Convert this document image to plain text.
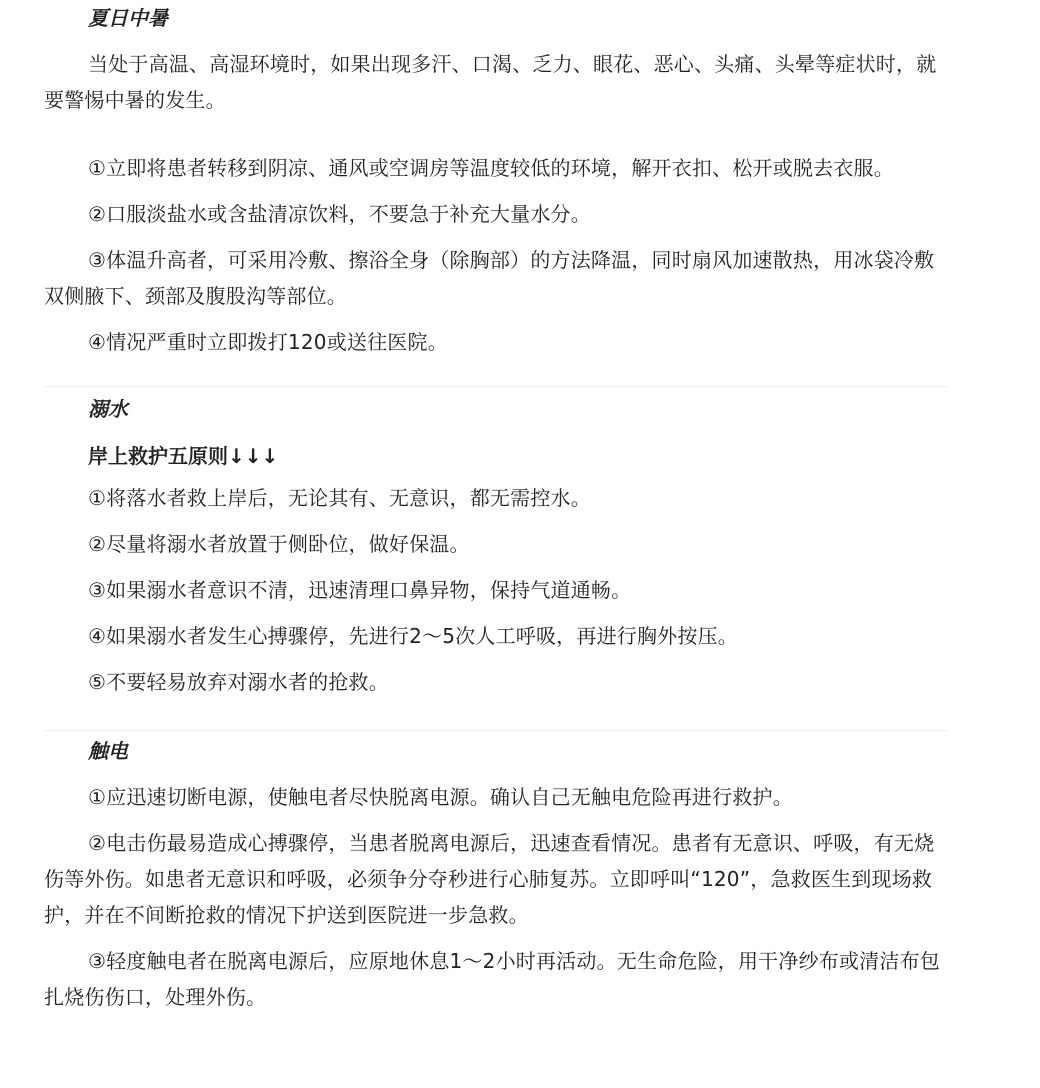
夏日中暑

当处于高温、高湿环境时，如果出现多汗、口渴、乏力、眼花、恶心、头痛、头晕等症状时，就要警惕中暑的发生。

①立即将患者转移到阴凉、通风或空调房等温度较低的环境，解开衣扣、松开或脱去衣服。

②口服淡盐水或含盐清凉饮料，不要急于补充大量水分。

③体温升高者，可采用冷敷、擦浴全身（除胸部）的方法降温，同时扇风加速散热，用冰袋冷敷双侧腋下、颈部及腹股沟等部位。

④情况严重时立即拨打120或送往医院。

溺水
岸上救护五原则↓↓↓

①将落水者救上岸后，无论其有、无意识，都无需控水。

②尽量将溺水者放置于侧卧位，做好保温。

③如果溺水者意识不清，迅速清理口鼻异物，保持气道通畅。

④如果溺水者发生心搏骤停，先进行2～5次人工呼吸，再进行胸外按压。

⑤不要轻易放弃对溺水者的抢救。

触电

①应迅速切断电源，使触电者尽快脱离电源。确认自己无触电危险再进行救护。

②电击伤最易造成心搏骤停，当患者脱离电源后，迅速查看情况。患者有无意识、呼吸，有无烧伤等外伤。如患者无意识和呼吸，必须争分夺秒进行心肺复苏。立即呼叫“120”，急救医生到现场救护，并在不间断抢救的情况下护送到医院进一步急救。

③轻度触电者在脱离电源后，应原地休息1～2小时再活动。无生命危险，用干净纱布或清洁布包扎烧伤伤口，处理外伤。
